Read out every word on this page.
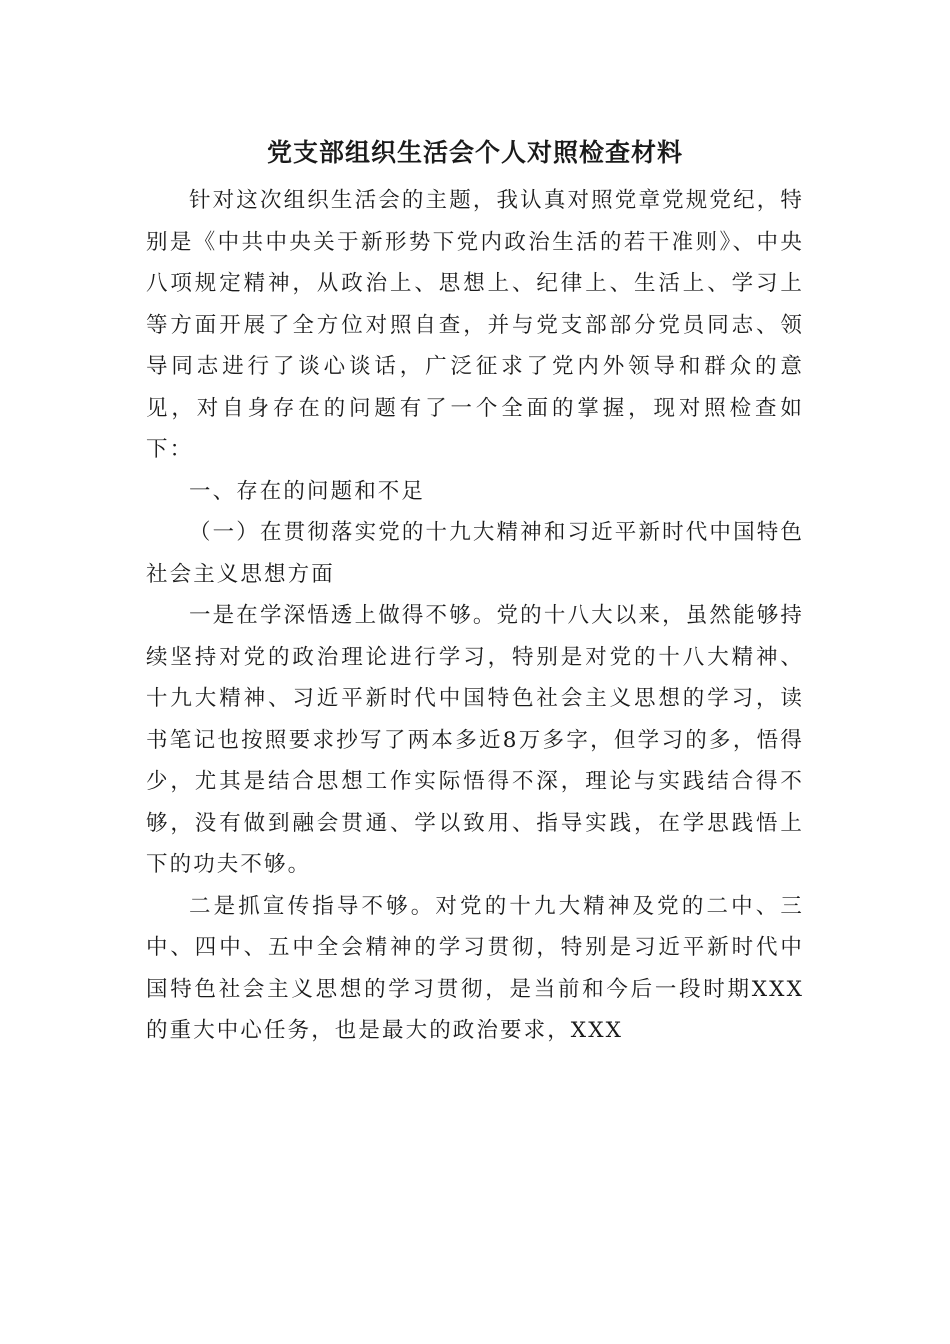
党支部组织生活会个人对照检查材料

针对这次组织生活会的主题，我认真对照党章党规党纪，特别是《中共中央关于新形势下党内政治生活的若干准则》、中央八项规定精神，从政治上、思想上、纪律上、生活上、学习上等方面开展了全方位对照自查，并与党支部部分党员同志、领导同志进行了谈心谈话，广泛征求了党内外领导和群众的意见，对自身存在的问题有了一个全面的掌握，现对照检查如下：

一、存在的问题和不足

（一）在贯彻落实党的十九大精神和习近平新时代中国特色社会主义思想方面

一是在学深悟透上做得不够。党的十八大以来，虽然能够持续坚持对党的政治理论进行学习，特别是对党的十八大精神、十九大精神、习近平新时代中国特色社会主义思想的学习，读书笔记也按照要求抄写了两本多近8万多字，但学习的多，悟得少，尤其是结合思想工作实际悟得不深，理论与实践结合得不够，没有做到融会贯通、学以致用、指导实践，在学思践悟上下的功夫不够。

二是抓宣传指导不够。对党的十九大精神及党的二中、三中、四中、五中全会精神的学习贯彻，特别是习近平新时代中国特色社会主义思想的学习贯彻，是当前和今后一段时期XXX的重大中心任务，也是最大的政治要求，XXX
